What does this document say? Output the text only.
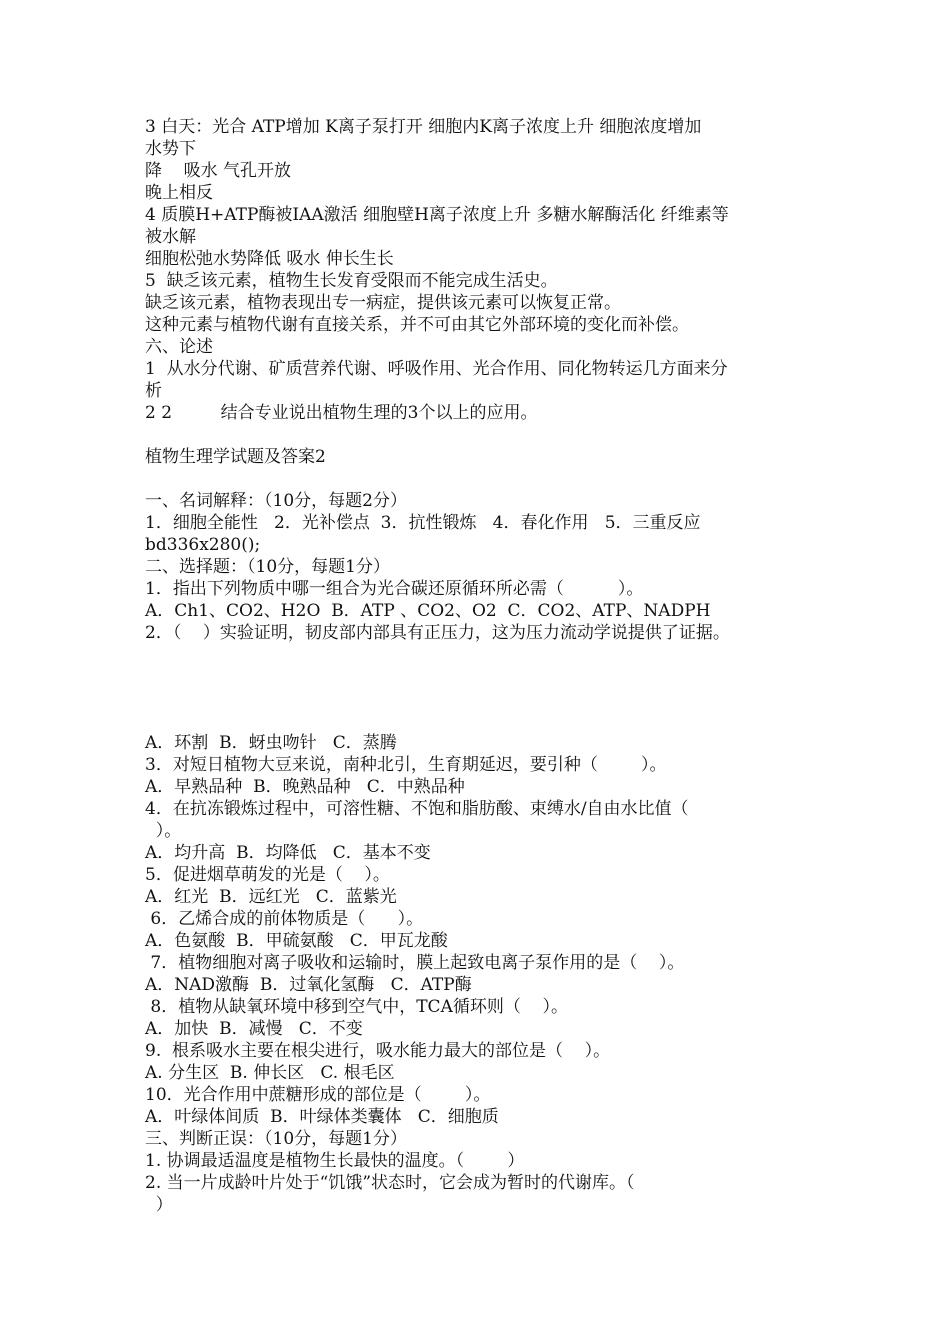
3 白天：光合 ATP增加 K离子泵打开 细胞内K离子浓度上升 细胞浓度增加
水势下
降    吸水 气孔开放
晚上相反
4 质膜H+ATP酶被IAA激活 细胞壁H离子浓度上升 多糖水解酶活化 纤维素等
被水解
细胞松弛水势降低 吸水 伸长生长
5  缺乏该元素，植物生长发育受限而不能完成生活史。
缺乏该元素，植物表现出专一病症，提供该元素可以恢复正常。
这种元素与植物代谢有直接关系，并不可由其它外部环境的变化而补偿。
六、论述
1  从水分代谢、矿质营养代谢、呼吸作用、光合作用、同化物转运几方面来分
析
2 2         结合专业说出植物生理的3个以上的应用。
植物生理学试题及答案2
一、名词解释：（10分，每题2分）
1．细胞全能性   2．光补偿点  3．抗性锻炼   4．春化作用   5．三重反应
bd336x280();
二、选择题：（10分，每题1分）
1．指出下列物质中哪一组合为光合碳还原循环所必需（          ）。
A．Ch1、CO2、H2O  B．ATP 、CO2、O2  C．CO2、ATP、NADPH
2．（    ）实验证明，韧皮部内部具有正压力，这为压力流动学说提供了证据。
A．环割  B．蚜虫吻针   C．蒸腾
3．对短日植物大豆来说，南种北引，生育期延迟，要引种（        ）。
A．早熟品种  B．晚熟品种   C．中熟品种
4．在抗冻锻炼过程中，可溶性糖、不饱和脂肪酸、束缚水/自由水比值（
）。
A．均升高  B．均降低   C．基本不变
5．促进烟草萌发的光是（    ）。
A．红光  B．远红光   C．蓝紫光
6．乙烯合成的前体物质是（      ）。
A．色氨酸  B．甲硫氨酸   C．甲瓦龙酸
7．植物细胞对离子吸收和运输时，膜上起致电离子泵作用的是（    ）。
A．NAD激酶  B．过氧化氢酶   C．ATP酶
8．植物从缺氧环境中移到空气中，TCA循环则（    ）。
A．加快  B．减慢   C．不变
9.  根系吸水主要在根尖进行，吸水能力最大的部位是（    ）。
A. 分生区  B. 伸长区   C. 根毛区
10．光合作用中蔗糖形成的部位是（        ）。
A．叶绿体间质  B．叶绿体类囊体   C．细胞质
三、判断正误：（10分，每题1分）
1. 协调最适温度是植物生长最快的温度。（        ）
2. 当一片成龄叶片处于“饥饿”状态时，它会成为暂时的代谢库。（
）
